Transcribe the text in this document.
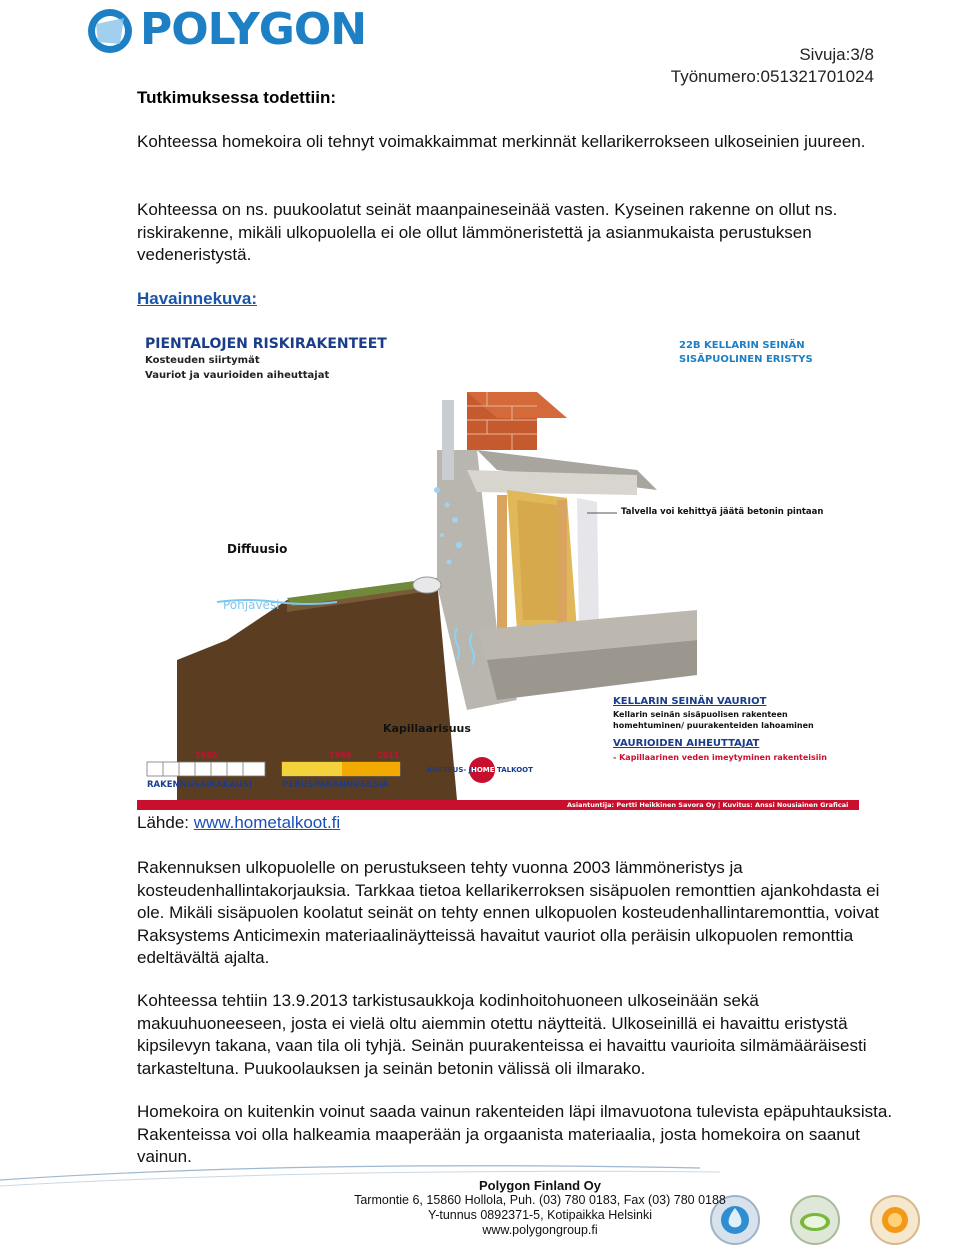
POLYGON	Sivuja:3/8
Työnumero:051321701024
Tutkimuksessa todettiin:
Kohteessa homekoira oli tehnyt voimakkaimmat merkinnät kellarikerrokseen ulkoseinien juureen.
Kohteessa on ns. puukoolatut seinät maanpaineseinää vasten. Kyseinen rakenne on ollut ns. riskirakenne, mikäli ulkopuolella ei ole ollut lämmöneristettä ja asianmukaista perustuksen vedeneristystä.
Havainnekuva:
PIENTALOJEN RISKIRAKENTEET
Kosteuden siirtymät
Vauriot ja vaurioiden aiheuttajat
22B KELLARIN SEINÄN
SISÄPUOLINEN ERISTYS
Talvella voi kehittyä jäätä betonin pintaan
Diffuusio
Pohjavesi
Kapillaarisuus
KELLARIN SEINÄN VAURIOT
Kellarin seinän sisäpuolisen rakenteen
homehtuminen/ puurakenteiden lahoaminen
VAURIOIDEN AIHEUTTAJAT
- Kapillaarinen veden imeytyminen rakenteisiin
1980	1980	2011
RAKENNUSAIKAKAUSI	PERUSPARANNUSKSIA
KOSTEUS- JA
HOME TALKOOT
Asiantuntija: Pertti Heikkinen Savora Oy | Kuvitus: Anssi Nousiainen Graficai Oy
Lähde: www.hometalkoot.fi
Rakennuksen ulkopuolelle on perustukseen tehty vuonna 2003 lämmöneristys ja kosteudenhallintakorjauksia. Tarkkaa tietoa kellarikerroksen sisäpuolen remonttien ajankohdasta ei ole. Mikäli sisäpuolen koolatut seinät on tehty ennen ulkopuolen kosteudenhallintaremonttia, voivat Raksystems Anticimexin materiaalinäytteissä havaitut vauriot olla peräisin ulkopuolen remonttia edeltävältä ajalta.
Kohteessa tehtiin 13.9.2013 tarkistusaukkoja kodinhoitohuoneen ulkoseinään sekä makuuhuoneeseen, josta ei vielä oltu aiemmin otettu näytteitä. Ulkoseinillä ei havaittu eristystä kipsilevyn takana, vaan tila oli tyhjä. Seinän puurakenteissa ei havaittu vaurioita silmämääräisesti tarkasteltuna. Puukoolauksen ja seinän betonin välissä oli ilmarako.
Homekoira on kuitenkin voinut saada vainun rakenteiden läpi ilmavuotona tulevista epäpuhtauksista. Rakenteissa voi olla halkeamia maaperään ja orgaanista materiaalia, josta homekoira on saanut vainun.
Polygon Finland Oy
Tarmontie 6, 15860 Hollola, Puh. (03) 780 0183, Fax (03) 780 0188
Y-tunnus 0892371-5, Kotipaikka Helsinki
www.polygongroup.fi
